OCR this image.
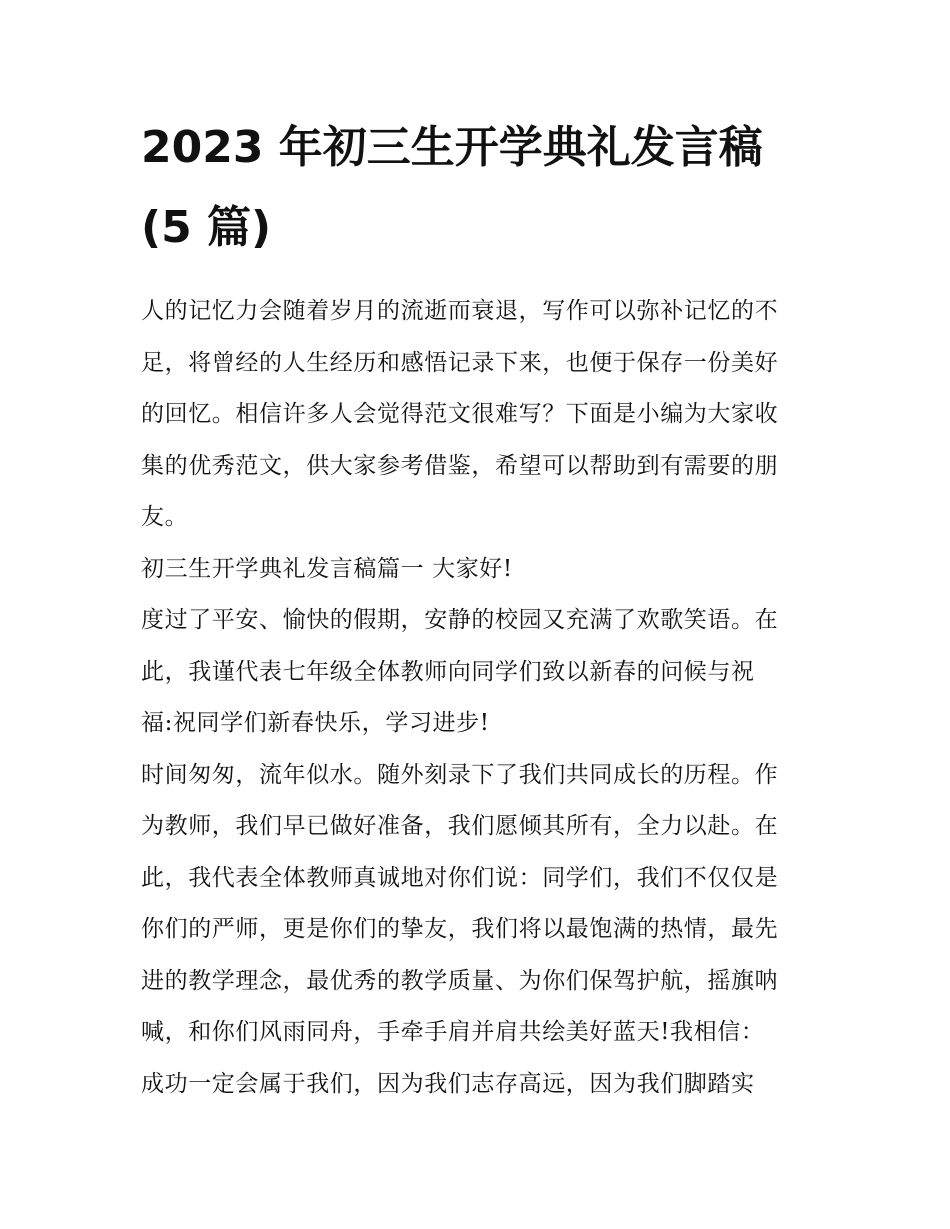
2023 年初三生开学典礼发言稿
(5 篇)

人的记忆力会随着岁月的流逝而衰退，写作可以弥补记忆的不
足，将曾经的人生经历和感悟记录下来，也便于保存一份美好
的回忆。相信许多人会觉得范文很难写？下面是小编为大家收
集的优秀范文，供大家参考借鉴，希望可以帮助到有需要的朋
友。

初三生开学典礼发言稿篇一 大家好!

度过了平安、愉快的假期，安静的校园又充满了欢歌笑语。在
此，我谨代表七年级全体教师向同学们致以新春的问候与祝
福:祝同学们新春快乐，学习进步!

时间匆匆，流年似水。随外刻录下了我们共同成长的历程。作
为教师，我们早已做好准备，我们愿倾其所有，全力以赴。在
此，我代表全体教师真诚地对你们说：同学们，我们不仅仅是
你们的严师，更是你们的挚友，我们将以最饱满的热情，最先
进的教学理念，最优秀的教学质量、为你们保驾护航，摇旗呐
喊，和你们风雨同舟，手牵手肩并肩共绘美好蓝天!我相信：
成功一定会属于我们，因为我们志存高远，因为我们脚踏实
